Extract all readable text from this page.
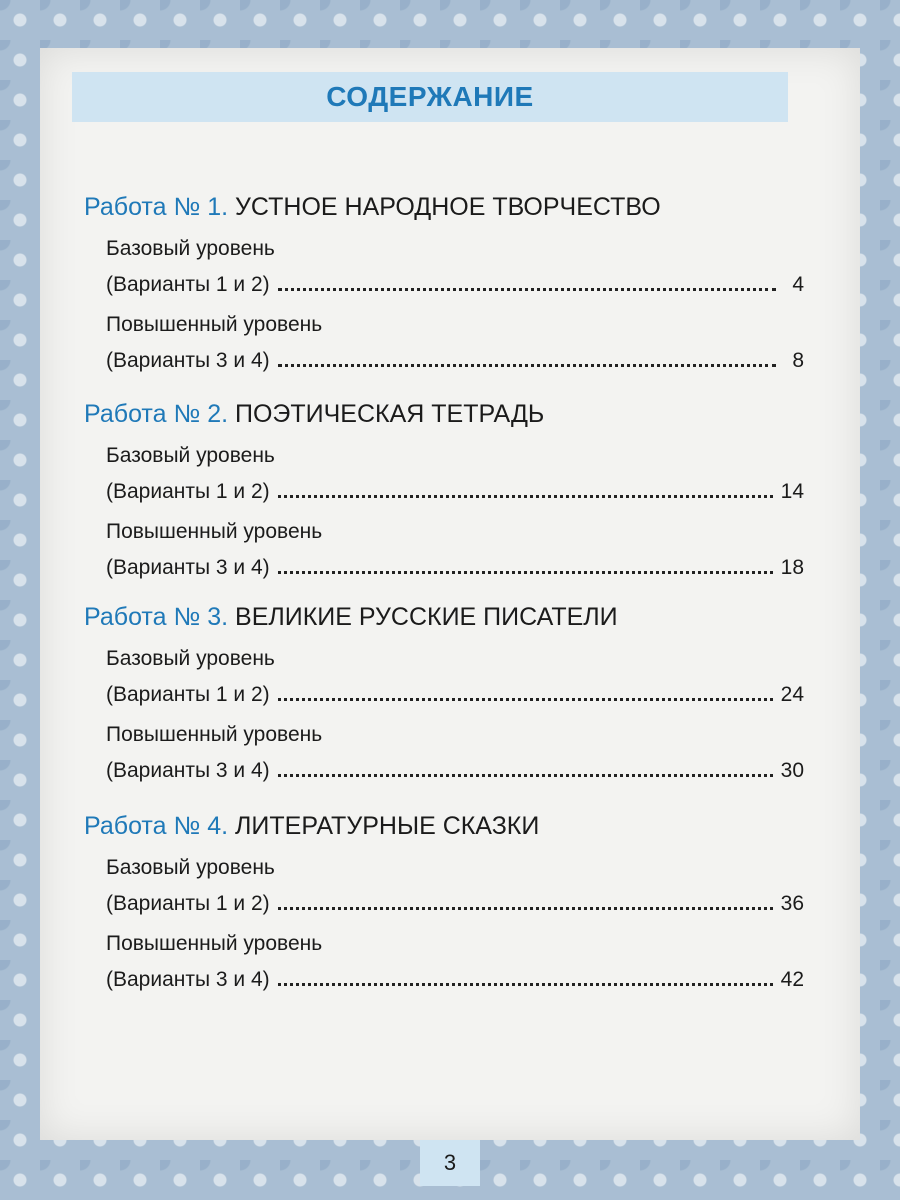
СОДЕРЖАНИЕ
Работа № 1. УСТНОЕ НАРОДНОЕ ТВОРЧЕСТВО
Базовый уровень
(Варианты 1 и 2)	4
Повышенный уровень
(Варианты 3 и 4)	8
Работа № 2. ПОЭТИЧЕСКАЯ ТЕТРАДЬ
Базовый уровень
(Варианты 1 и 2)	14
Повышенный уровень
(Варианты 3 и 4)	18
Работа № 3. ВЕЛИКИЕ РУССКИЕ ПИСАТЕЛИ
Базовый уровень
(Варианты 1 и 2)	24
Повышенный уровень
(Варианты 3 и 4)	30
Работа № 4. ЛИТЕРАТУРНЫЕ СКАЗКИ
Базовый уровень
(Варианты 1 и 2)	36
Повышенный уровень
(Варианты 3 и 4)	42
3
